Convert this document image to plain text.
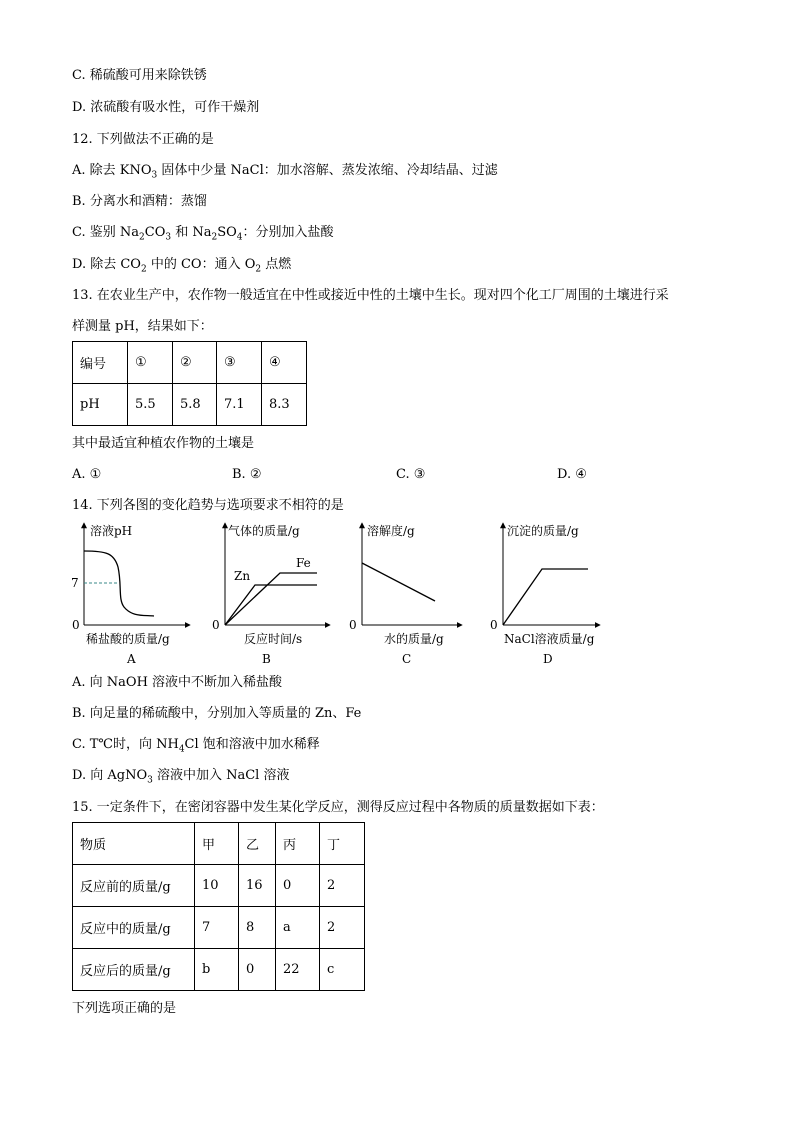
C. 稀硫酸可用来除铁锈
D. 浓硫酸有吸水性，可作干燥剂
12. 下列做法不正确的是
A. 除去 $KNO_3$ 固体中少量 NaCl：加水溶解、蒸发浓缩、冷却结晶、过滤
B. 分离水和酒精：蒸馏
C. 鉴别 $Na_2CO_3$ 和 $Na_2SO_4$：分别加入盐酸
D. 除去 $CO_2$ 中的 CO：通入 $O_2$ 点燃
13. 在农业生产中，农作物一般适宜在中性或接近中性的土壤中生长。现对四个化工厂周围的土壤进行采
样测量 pH，结果如下：
编号	①	②	③	④
pH	5.5	5.8	7.1	8.3
其中最适宜种植农作物的土壤是
A. ①	B. ②	C. ③	D. ④
14. 下列各图的变化趋势与选项要求不相符的是
溶液pH
7
0
稀盐酸的质量/g
A
气体的质量/g
0
Zn
Fe
反应时间/s
B
溶解度/g
0
水的质量/g
C
沉淀的质量/g
0
NaCl溶液质量/g
D
A. 向 NaOH 溶液中不断加入稀盐酸
B. 向足量的稀硫酸中，分别加入等质量的 Zn、Fe
C. T℃时，向 $NH_4Cl$ 饱和溶液中加水稀释
D. 向 AgNO$_3$ 溶液中加入 NaCl 溶液
15. 一定条件下，在密闭容器中发生某化学反应，测得反应过程中各物质的质量数据如下表：
物质	甲	乙	丙	丁
反应前的质量/g	10	16	0	2
反应中的质量/g	7	8	a	2
反应后的质量/g	b	0	22	c
下列选项正确的是
